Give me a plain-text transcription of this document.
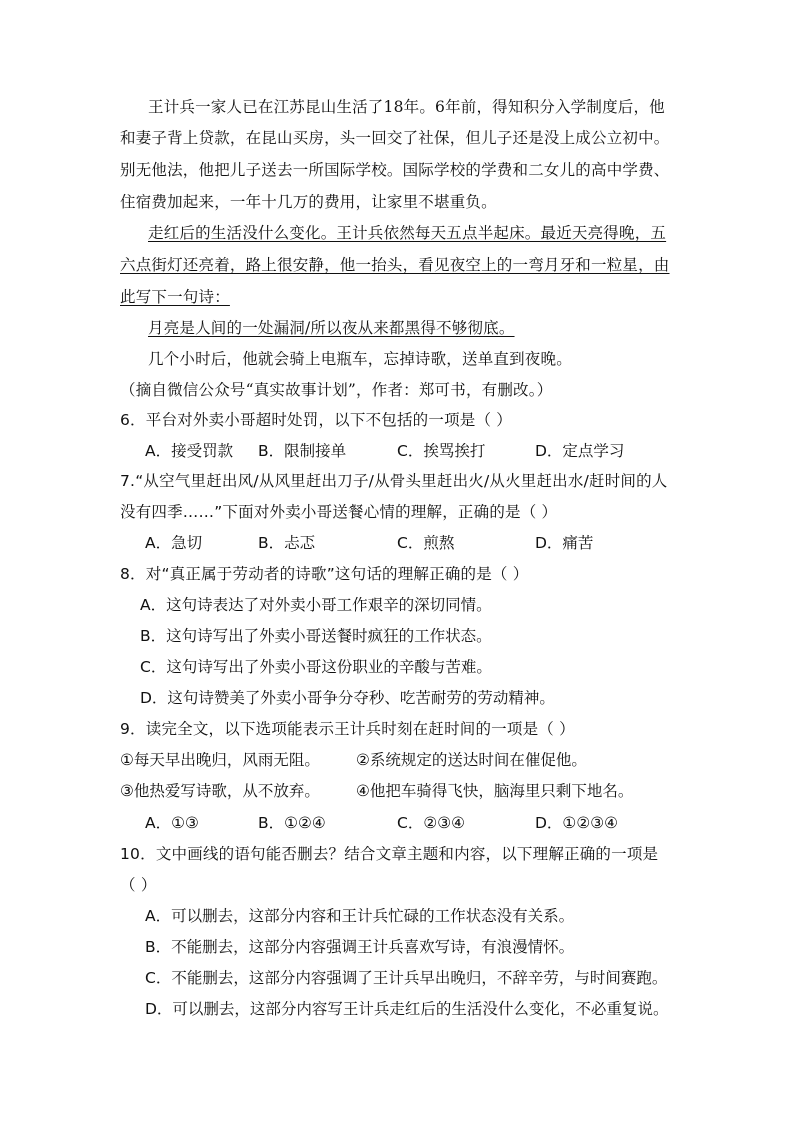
王计兵一家人已在江苏昆山生活了18年。6年前，得知积分入学制度后，他
和妻子背上贷款，在昆山买房，头一回交了社保，但儿子还是没上成公立初中。
别无他法，他把儿子送去一所国际学校。国际学校的学费和二女儿的高中学费、
住宿费加起来，一年十几万的费用，让家里不堪重负。
走红后的生活没什么变化。王计兵依然每天五点半起床。最近天亮得晚，五
六点街灯还亮着，路上很安静，他一抬头，看见夜空上的一弯月牙和一粒星，由
此写下一句诗：
月亮是人间的一处漏洞/所以夜从来都黑得不够彻底。
几个小时后，他就会骑上电瓶车，忘掉诗歌，送单直到夜晚。
（摘自微信公众号“真实故事计划”，作者：郑可书，有删改。）
6．平台对外卖小哥超时处罚，以下不包括的一项是（ ）
A．接受罚款 B．限制接单	C．挨骂挨打	D．定点学习
7.“从空气里赶出风/从风里赶出刀子/从骨头里赶出火/从火里赶出水/赶时间的人
没有四季……”下面对外卖小哥送餐心情的理解，正确的是（ ）
A．急切	B．忐忑	C．煎熬	D．痛苦
8．对“真正属于劳动者的诗歌”这句话的理解正确的是（ ）
A．这句诗表达了对外卖小哥工作艰辛的深切同情。
B．这句诗写出了外卖小哥送餐时疯狂的工作状态。
C．这句诗写出了外卖小哥这份职业的辛酸与苦难。
D．这句诗赞美了外卖小哥争分夺秒、吃苦耐劳的劳动精神。
9．读完全文，以下选项能表示王计兵时刻在赶时间的一项是（ ）
①每天早出晚归，风雨无阻。 ②系统规定的送达时间在催促他。
③他热爱写诗歌，从不放弃。 ④他把车骑得飞快，脑海里只剩下地名。
A．①③	B．①②④	C．②③④	D．①②③④
10．文中画线的语句能否删去？结合文章主题和内容，以下理解正确的一项是
（ ）
A．可以删去，这部分内容和王计兵忙碌的工作状态没有关系。
B．不能删去，这部分内容强调王计兵喜欢写诗，有浪漫情怀。
C．不能删去，这部分内容强调了王计兵早出晚归，不辞辛劳，与时间赛跑。
D．可以删去，这部分内容写王计兵走红后的生活没什么变化，不必重复说。
